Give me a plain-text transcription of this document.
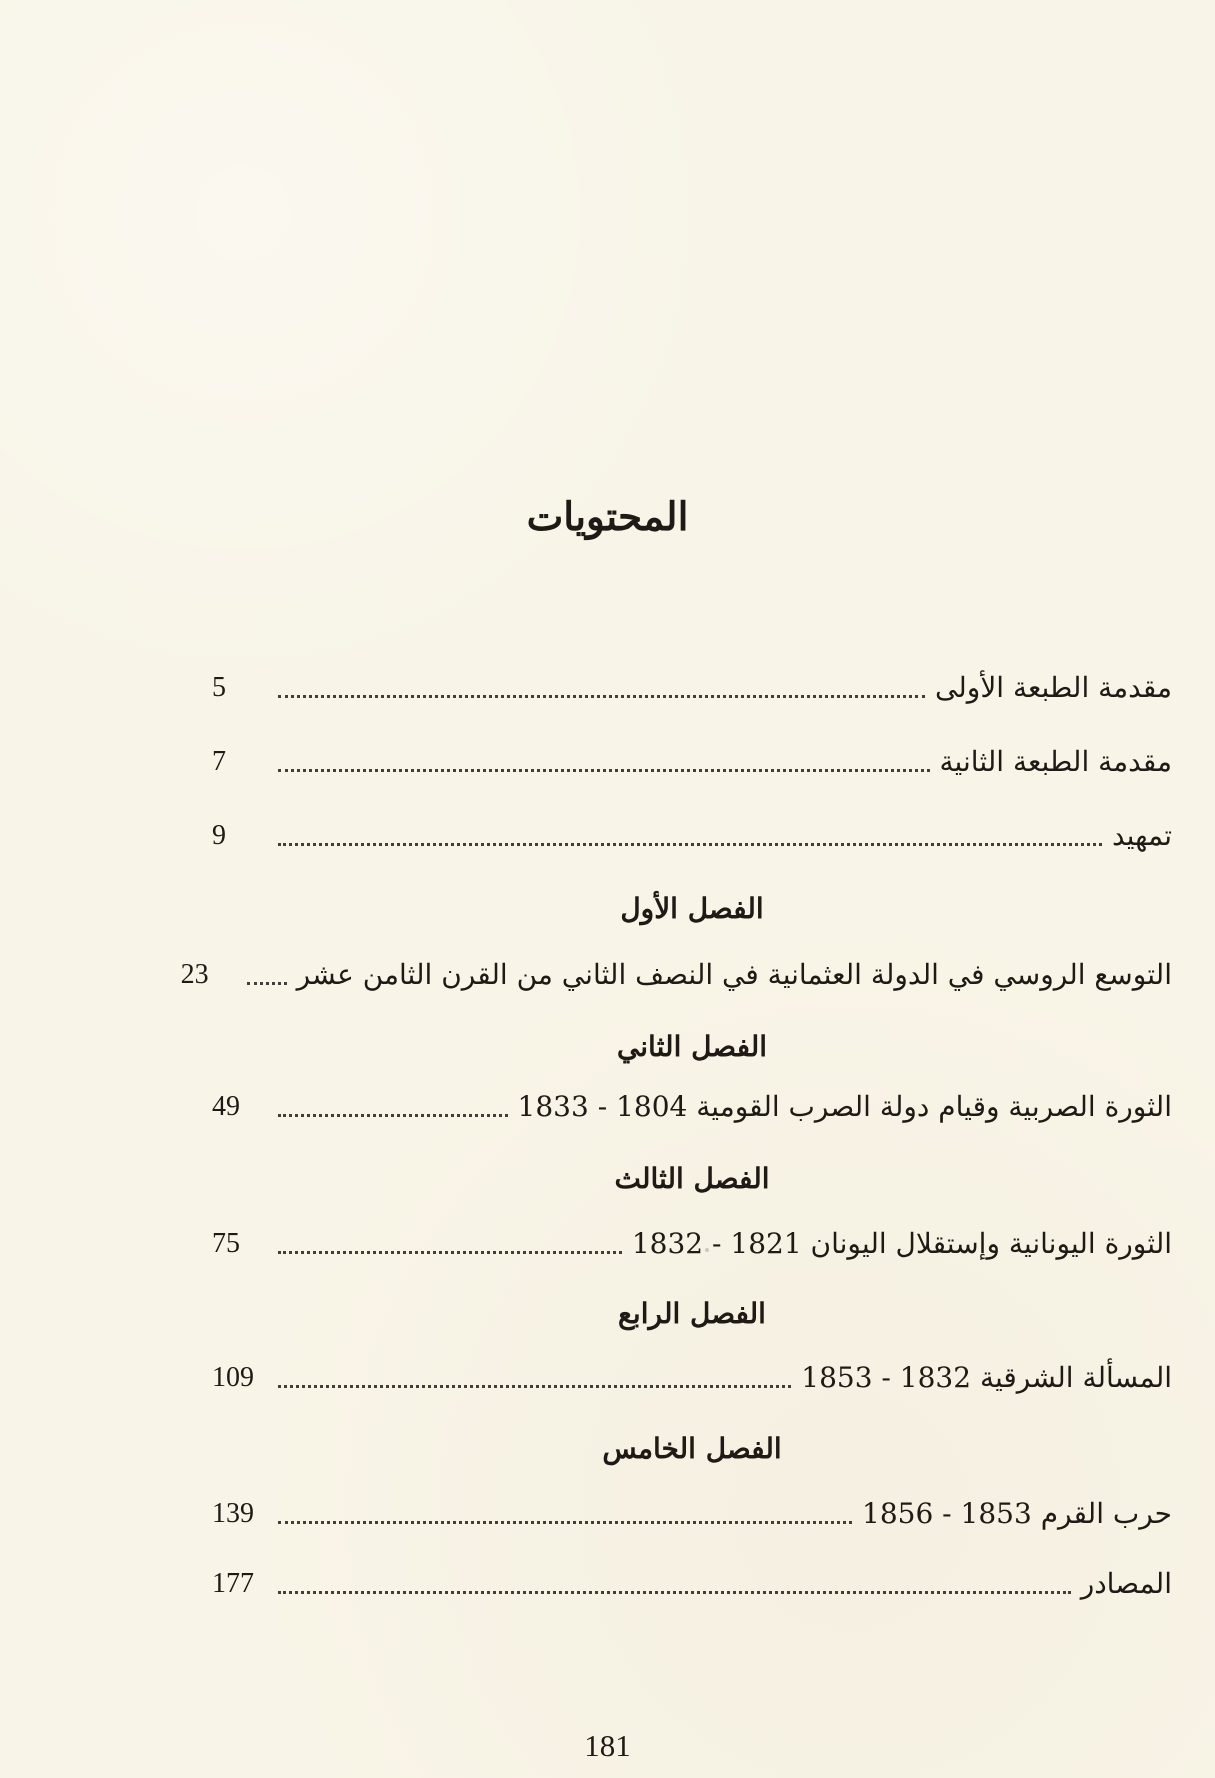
المحتويات
مقدمة الطبعة الأولى
5
مقدمة الطبعة الثانية
7
تمهيد
9
التوسع الروسي في الدولة العثمانية في النصف الثاني من القرن الثامن عشر
23
الثورة الصربية وقيام دولة الصرب القومية 1804 - 1833
49
الثورة اليونانية وإستقلال اليونان 1821 - 1832
75
المسألة الشرقية 1832 - 1853
109
حرب القرم 1853 - 1856
139
المصادر
177
الفصل الأول
الفصل الثاني
الفصل الثالث
الفصل الرابع
الفصل الخامس
181
